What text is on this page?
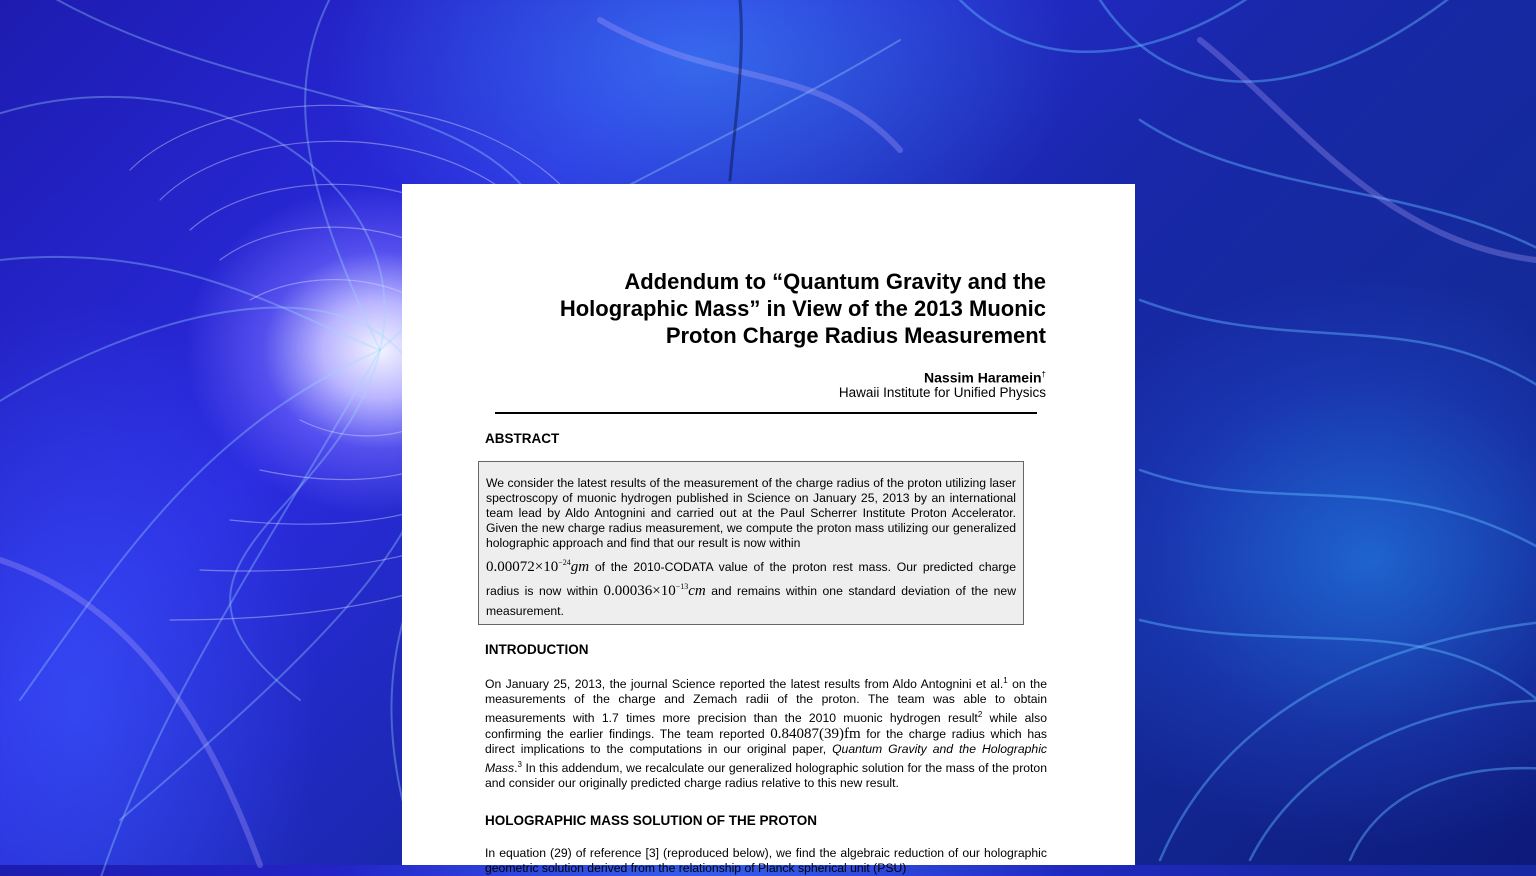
Addendum to “Quantum Gravity and the
Holographic Mass” in View of the 2013 Muonic
Proton Charge Radius Measurement
Nassim Haramein†
Hawaii Institute for Unified Physics
ABSTRACT
We consider the latest results of the measurement of the charge radius of the proton utilizing laser spectroscopy of muonic hydrogen published in Science on January 25, 2013 by an international team lead by Aldo Antognini and carried out at the Paul Scherrer Institute Proton Accelerator. Given the new charge radius measurement, we compute the proton mass utilizing our generalized holographic approach and find that our result is now within
$0.00072\times 10^{-24}gm$ of the 2010-CODATA value of the proton rest mass. Our predicted charge radius is now within $0.00036\times 10^{-13}cm$ and remains within one standard deviation of the new measurement.
INTRODUCTION
On January 25, 2013, the journal Science reported the latest results from Aldo Antognini et al.$^1$ on the measurements of the charge and Zemach radii of the proton. The team was able to obtain measurements with 1.7 times more precision than the 2010 muonic hydrogen result$^2$ while also confirming the earlier findings. The team reported 0.84087(39)fm for the charge radius which has direct implications to the computations in our original paper, Quantum Gravity and the Holographic Mass.$^3$ In this addendum, we recalculate our generalized holographic solution for the mass of the proton and consider our originally predicted charge radius relative to this new result.
HOLOGRAPHIC MASS SOLUTION OF THE PROTON
In equation (29) of reference [3] (reproduced below), we find the algebraic reduction of our holographic geometric solution derived from the relationship of Planck spherical unit (PSU)
